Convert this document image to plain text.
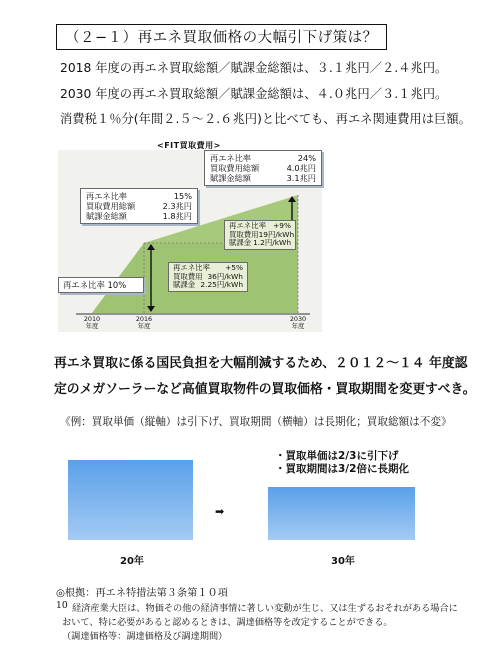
（２−１）再エネ買取価格の大幅引下げ策は？
2018 年度の再エネ買取総額／賦課金総額は、３.１兆円／２.４兆円。
2030 年度の再エネ買取総額／賦課金総額は、４.０兆円／３.１兆円。
消費税１％分(年間２.５〜２.６兆円)と比べても、再エネ関連費用は巨額。
<FIT買取費用>
2010
年度
2016
年度
2030
年度
再エネ比率	24%
買取費用総額	4.0兆円
賦課金総額	3.1兆円
再エネ比率	15%
買取費用総額	2.3兆円
賦課金総額	1.8兆円
再エネ比率 +9%
買取費用 19円/kWh
賦課金 1.2円/kWh
再エネ比率 +5%
買取費用 36円/kWh
賦課金 2.25円/kWh
再エネ比率 10%
再エネ買取に係る国民負担を大幅削減するため、２０１２〜１４ 年度認
定のメガソーラーなど高値買取物件の買取価格・買取期間を変更すべき。
《例：買取単価（縦軸）は引下げ、買取期間（横軸）は長期化；買取総額は不変》
➡
・買取単価は2/3に引下げ
・買取期間は3/2倍に長期化
20年	30年
◎根拠：再エネ特措法第３条第１０項
10 経済産業大臣は、物価その他の経済事情に著しい変動が生じ、又は生ずるおそれがある場合に
おいて、特に必要があると認めるときは、調達価格等を改定することができる。
（調達価格等：調達価格及び調達期間）
